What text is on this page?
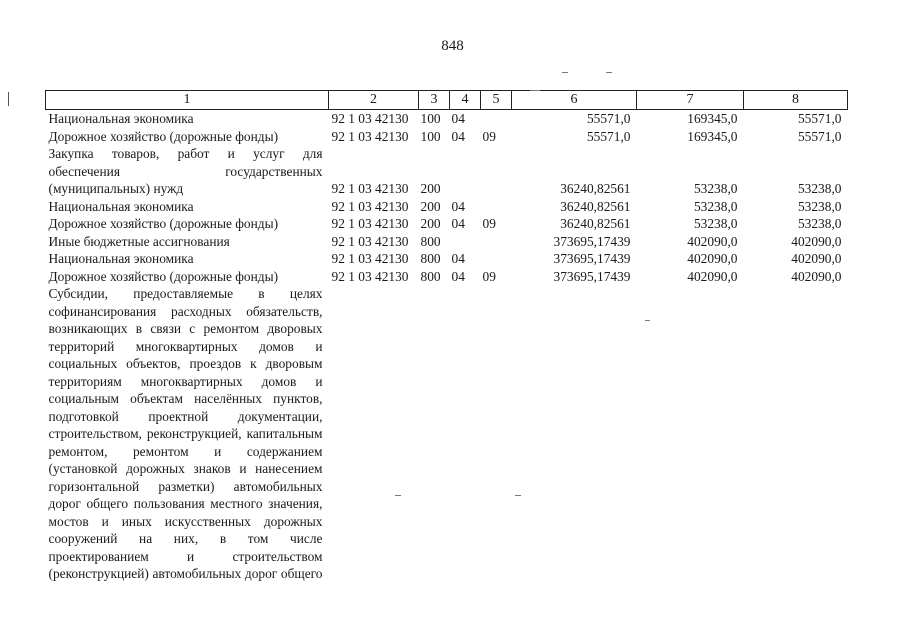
848
1	2	3	4	5	6	7	8
Национальная экономика	92 1 03 42130	100	04		55571,0	169345,0	55571,0
Дорожное хозяйство (дорожные фонды)	92 1 03 42130	100	04	09	55571,0	169345,0	55571,0
Закупка товаров, работ и услуг для обеспечения государственных (муниципальных) нужд	92 1 03 42130	200			36240,82561	53238,0	53238,0
Национальная экономика	92 1 03 42130	200	04		36240,82561	53238,0	53238,0
Дорожное хозяйство (дорожные фонды)	92 1 03 42130	200	04	09	36240,82561	53238,0	53238,0
Иные бюджетные ассигнования	92 1 03 42130	800			373695,17439	402090,0	402090,0
Национальная экономика	92 1 03 42130	800	04		373695,17439	402090,0	402090,0
Дорожное хозяйство (дорожные фонды)	92 1 03 42130	800	04	09	373695,17439	402090,0	402090,0
Субсидии, предоставляемые в целях софинансирования расходных обязательств, возникающих в связи с ремонтом дворовых территорий многоквартирных домов и социальных объектов, проездов к дворовым территориям многоквартирных домов и социальным объектам населённых пунктов, подготовкой проектной документации, строительством, реконструкцией, капитальным ремонтом, ремонтом и содержанием (установкой дорожных знаков и нанесением горизонтальной разметки) автомобильных дорог общего пользования местного значения, мостов и иных искусственных дорожных сооружений на них, в том числе проектированием и строительством (реконструкцией) автомобильных дорог общего							
